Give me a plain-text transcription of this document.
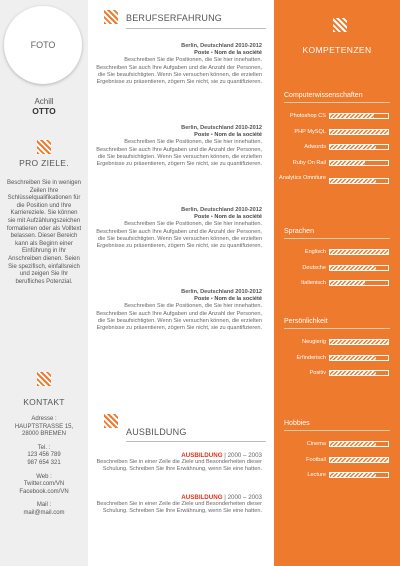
FOTO
Achill
OTTO
PRO ZIELE.
Beschreiben Sie in wenigen Zeilen Ihre Schlüsselqualifikationen für die Position und Ihre Karriereziele. Sie können sie mit Aufzählungszeichen formatieren oder als Volltext belassen. Dieser Bereich kann als Beginn einer Einführung in Ihr Anschreiben dienen. Seien Sie spezifisch, einfallsreich und zeigen Sie Ihr berufliches Potenzial.
KONTAKT
Adresse :
HAUPTSTRASSE 15,
28000 BREMEN
Tel. :
123 456 789
987 654 321
Web :
Twitter.com/VN
Facebook.com/VN
Mail :
mail@mail.com
BERUFSERFAHRUNG
Berlin, Deutschland 2010-2012
Poste • Nom de la société
Beschreiben Sie die Positionen, die Sie hier innehatten. Beschreiben Sie auch Ihre Aufgaben und die Anzahl der Personen, die Sie beaufsichtigten. Wenn Sie versuchen können, die erzielten Ergebnisse zu präsentieren, zögern Sie nicht, sie zu quantifizieren.
Berlin, Deutschland 2010-2012
Poste • Nom de la société
Beschreiben Sie die Positionen, die Sie hier innehatten. Beschreiben Sie auch Ihre Aufgaben und die Anzahl der Personen, die Sie beaufsichtigten. Wenn Sie versuchen können, die erzielten Ergebnisse zu präsentieren, zögern Sie nicht, sie zu quantifizieren.
Berlin, Deutschland 2010-2012
Poste • Nom de la société
Beschreiben Sie die Positionen, die Sie hier innehatten. Beschreiben Sie auch Ihre Aufgaben und die Anzahl der Personen, die Sie beaufsichtigten. Wenn Sie versuchen können, die erzielten Ergebnisse zu präsentieren, zögern Sie nicht, sie zu quantifizieren.
Berlin, Deutschland 2010-2012
Poste • Nom de la société
Beschreiben Sie die Positionen, die Sie hier innehatten. Beschreiben Sie auch Ihre Aufgaben und die Anzahl der Personen, die Sie beaufsichtigten. Wenn Sie versuchen können, die erzielten Ergebnisse zu präsentieren, zögern Sie nicht, sie zu quantifizieren.
AUSBILDUNG
AUSBILDUNG | 2000 – 2003
Beschreiben Sie in einer Zeile die Ziele und Besonderheiten dieser Schulung. Schreiben Sie Ihre Erwähnung, wenn Sie eine hatten.
AUSBILDUNG | 2000 – 2003
Beschreiben Sie in einer Zeile die Ziele und Besonderheiten dieser Schulung. Schreiben Sie Ihre Erwähnung, wenn Sie eine hatten.
KOMPETENZEN
Computerwissenschaften
Photoshop CS
PHP MySQL
Adwords
Ruby On Rail
Analytics Omniture
Sprachen
Englisch
Deutsche
Italienisch
Persönlichkeit
Neugierig
Erfinderisch
Positiv
Hobbies
Cinema
Football
Lecture
